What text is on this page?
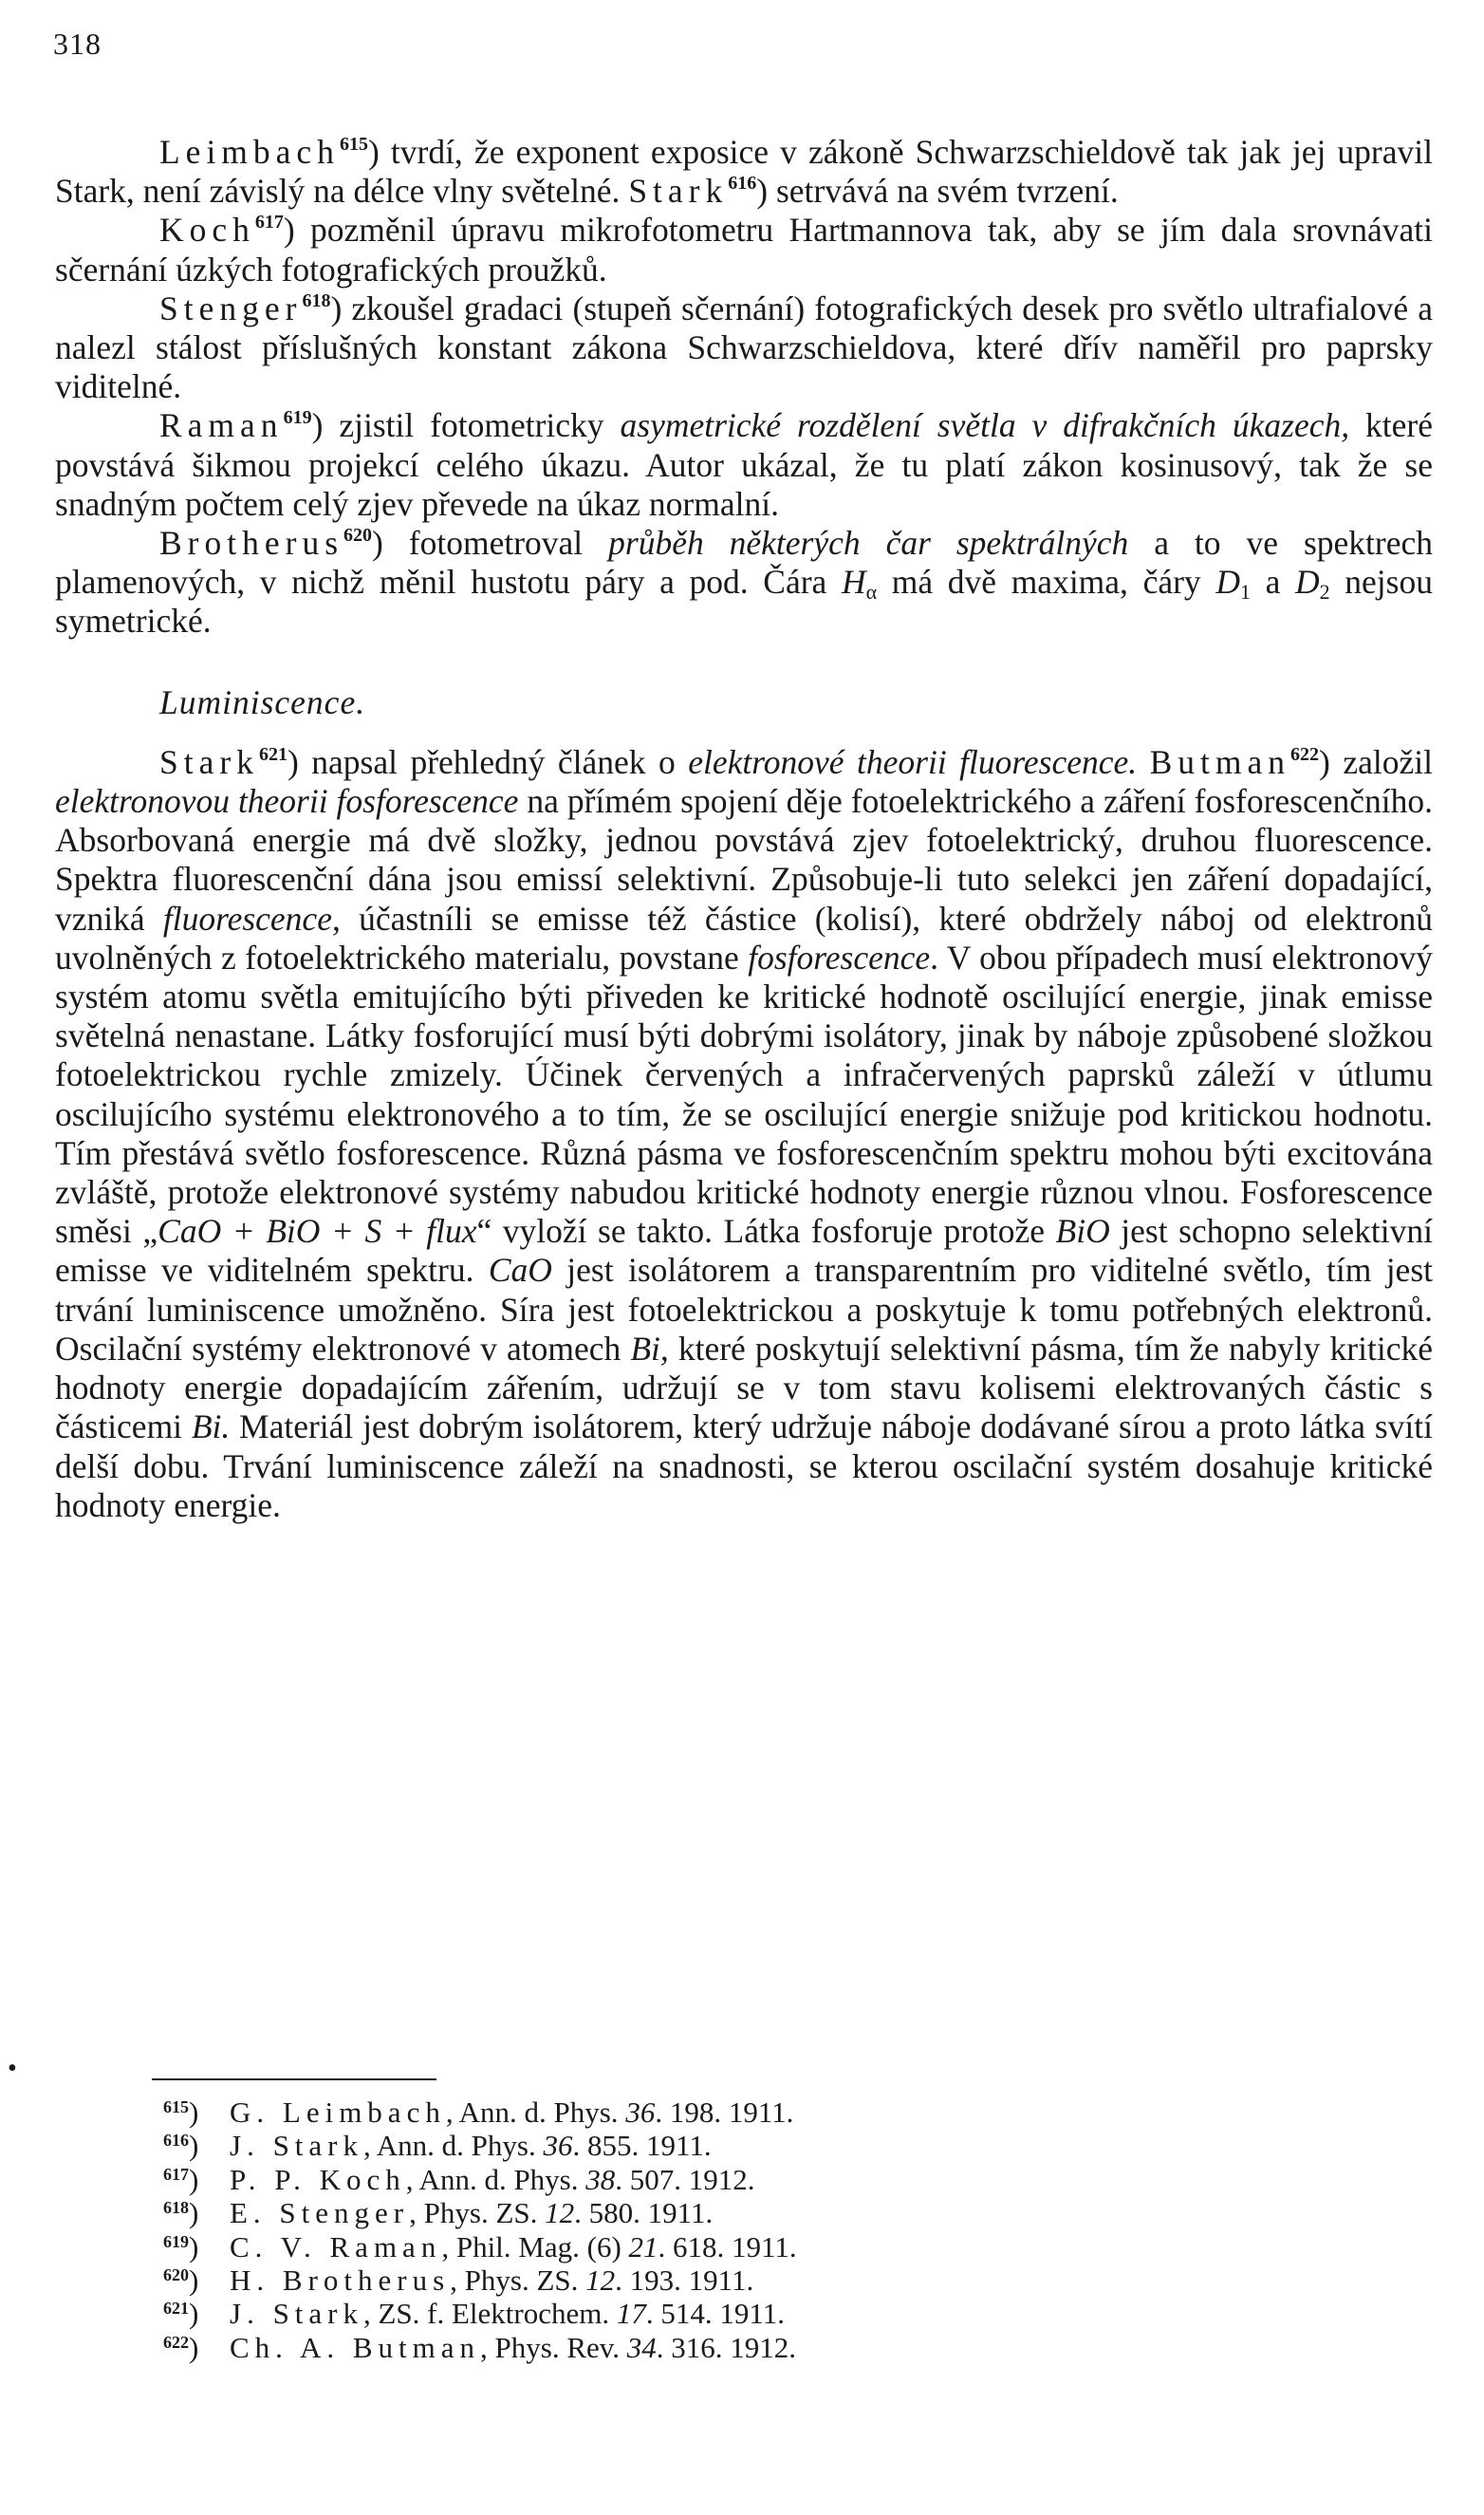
318

Leimbach$^{615}$) tvrdí, že exponent exposice v zákoně Schwarzschieldově tak jak jej upravil Stark, není závislý na délce vlny světelné. Stark$^{616}$) setrvává na svém tvrzení.

Koch$^{617}$) pozměnil úpravu mikrofotometru Hartmannova tak, aby se jím dala srovnávati sčernání úzkých fotografických proužků.

Stenger$^{618}$) zkoušel gradaci (stupeň sčernání) fotografických desek pro světlo ultrafialové a nalezl stálost příslušných konstant zákona Schwarzschieldova, které dřív naměřil pro paprsky viditelné.

Raman$^{619}$) zjistil fotometricky asymetrické rozdělení světla v difrakčních úkazech, které povstává šikmou projekcí celého úkazu. Autor ukázal, že tu platí zákon kosinusový, tak že se snadným počtem celý zjev převede na úkaz normalní.

Brotherus$^{620}$) fotometroval průběh některých čar spektrálných a to ve spektrech plamenových, v nichž měnil hustotu páry a pod. Čára $H_\alpha$ má dvě maxima, čáry $D_1$ a $D_2$ nejsou symetrické.

Luminiscence.

Stark$^{621}$) napsal přehledný článek o elektronové theorii fluorescence. Butman$^{622}$) založil elektronovou theorii fosforescence na přímém spojení děje fotoelektrického a záření fosforescenčního. Absorbovaná energie má dvě složky, jednou povstává zjev fotoelektrický, druhou fluorescence. Spektra fluorescenční dána jsou emissí selektivní. Způsobuje-li tuto selekci jen záření dopadající, vzniká fluorescence, účastníli se emisse též částice (kolisí), které obdržely náboj od elektronů uvolněných z fotoelektrického materialu, povstane fosforescence. V obou případech musí elektronový systém atomu světla emitujícího býti přiveden ke kritické hodnotě oscilující energie, jinak emisse světelná nenastane. Látky fosforující musí býti dobrými isolátory, jinak by náboje způsobené složkou fotoelektrickou rychle zmizely. Účinek červených a infračervených paprsků záleží v útlumu oscilujícího systému elektronového a to tím, že se oscilující energie snižuje pod kritickou hodnotu. Tím přestává světlo fosforescence. Různá pásma ve fosforescenčním spektru mohou býti excitována zvláště, protože elektronové systémy nabudou kritické hodnoty energie různou vlnou. Fosforescence směsi „CaO + BiO + S + flux“ vyloží se takto. Látka fosforuje protože BiO jest schopno selektivní emisse ve viditelném spektru. CaO jest isolátorem a transparentním pro viditelné světlo, tím jest trvání luminiscence umožněno. Síra jest fotoelektrickou a poskytuje k tomu potřebných elektronů. Oscilační systémy elektronové v atomech Bi, které poskytují selektivní pásma, tím že nabyly kritické hodnoty energie dopadajícím zářením, udržují se v tom stavu kolisemi elektrovaných částic s částicemi Bi. Materiál jest dobrým isolátorem, který udržuje náboje dodávané sírou a proto látka svítí delší dobu. Trvání luminiscence záleží na snadnosti, se kterou oscilační systém dosahuje kritické hodnoty energie.

•
$^{615}$) G. Leimbach, Ann. d. Phys. 36. 198. 1911.
$^{616}$) J. Stark, Ann. d. Phys. 36. 855. 1911.
$^{617}$) P. P. Koch, Ann. d. Phys. 38. 507. 1912.
$^{618}$) E. Stenger, Phys. ZS. 12. 580. 1911.
$^{619}$) C. V. Raman, Phil. Mag. (6) 21. 618. 1911.
$^{620}$) H. Brotherus, Phys. ZS. 12. 193. 1911.
$^{621}$) J. Stark, ZS. f. Elektrochem. 17. 514. 1911.
$^{622}$) Ch. A. Butman, Phys. Rev. 34. 316. 1912.
